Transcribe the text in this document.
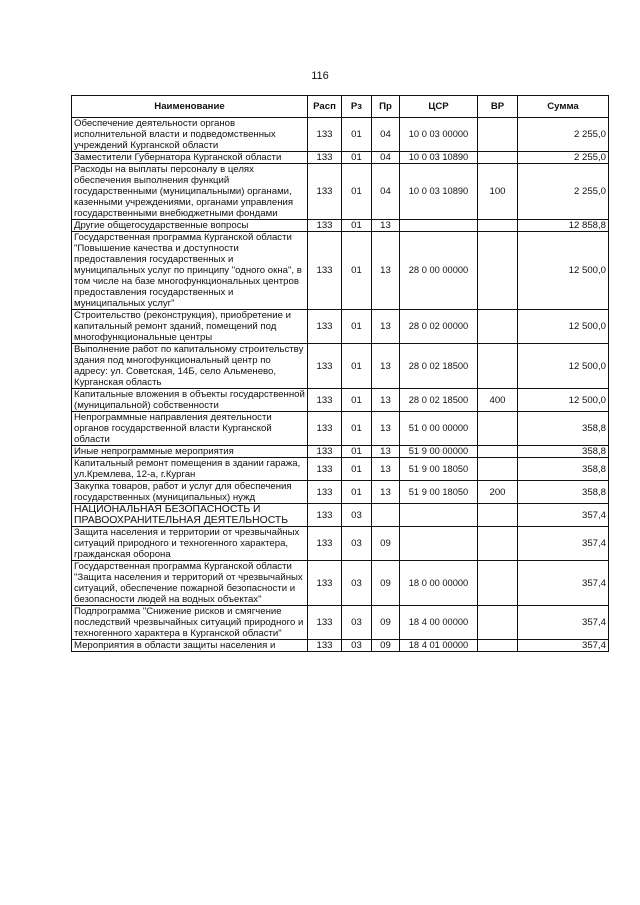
116
Наименование	Расп	Рз	Пр	ЦСР	ВР	Сумма
Обеспечение деятельности органов исполнительной власти и подведомственных учреждений Курганской области	133	01	04	10 0 03 00000		2 255,0
Заместители Губернатора Курганской области	133	01	04	10 0 03 10890		2 255,0
Расходы на выплаты персоналу в целях обеспечения выполнения функций государственными (муниципальными) органами, казенными учреждениями, органами управления государственными внебюджетными фондами	133	01	04	10 0 03 10890	100	2 255,0
Другие общегосударственные вопросы	133	01	13			12 858,8
Государственная программа Курганской области "Повышение качества и доступности предоставления государственных и муниципальных услуг по принципу "одного окна", в том числе на базе многофункциональных центров предоставления государственных и муниципальных услуг"	133	01	13	28 0 00 00000		12 500,0
Строительство (реконструкция), приобретение и капитальный ремонт зданий, помещений под многофункциональные центры	133	01	13	28 0 02 00000		12 500,0
Выполнение работ по капитальному строительству здания под многофункциональный центр по адресу: ул. Советская, 14Б, село Альменево, Курганская область	133	01	13	28 0 02 18500		12 500,0
Капитальные вложения в объекты государственной (муниципальной) собственности	133	01	13	28 0 02 18500	400	12 500,0
Непрограммные направления деятельности органов государственной власти Курганской области	133	01	13	51 0 00 00000		358,8
Иные непрограммные мероприятия	133	01	13	51 9 00 00000		358,8
Капитальный ремонт помещения в здании гаража, ул.Кремлева, 12-а, г.Курган	133	01	13	51 9 00 18050		358,8
Закупка товаров, работ и услуг для обеспечения государственных (муниципальных) нужд	133	01	13	51 9 00 18050	200	358,8
НАЦИОНАЛЬНАЯ БЕЗОПАСНОСТЬ И ПРАВООХРАНИТЕЛЬНАЯ ДЕЯТЕЛЬНОСТЬ	133	03				357,4
Защита населения и территории от чрезвычайных ситуаций природного и техногенного характера, гражданская оборона	133	03	09			357,4
Государственная программа Курганской области "Защита населения и территорий от чрезвычайных ситуаций, обеспечение пожарной безопасности и безопасности людей на водных объектах"	133	03	09	18 0 00 00000		357,4
Подпрограмма "Снижение рисков и смягчение последствий чрезвычайных ситуаций природного и техногенного характера в Курганской области"	133	03	09	18 4 00 00000		357,4
Мероприятия в области защиты населения и	133	03	09	18 4 01 00000		357,4
